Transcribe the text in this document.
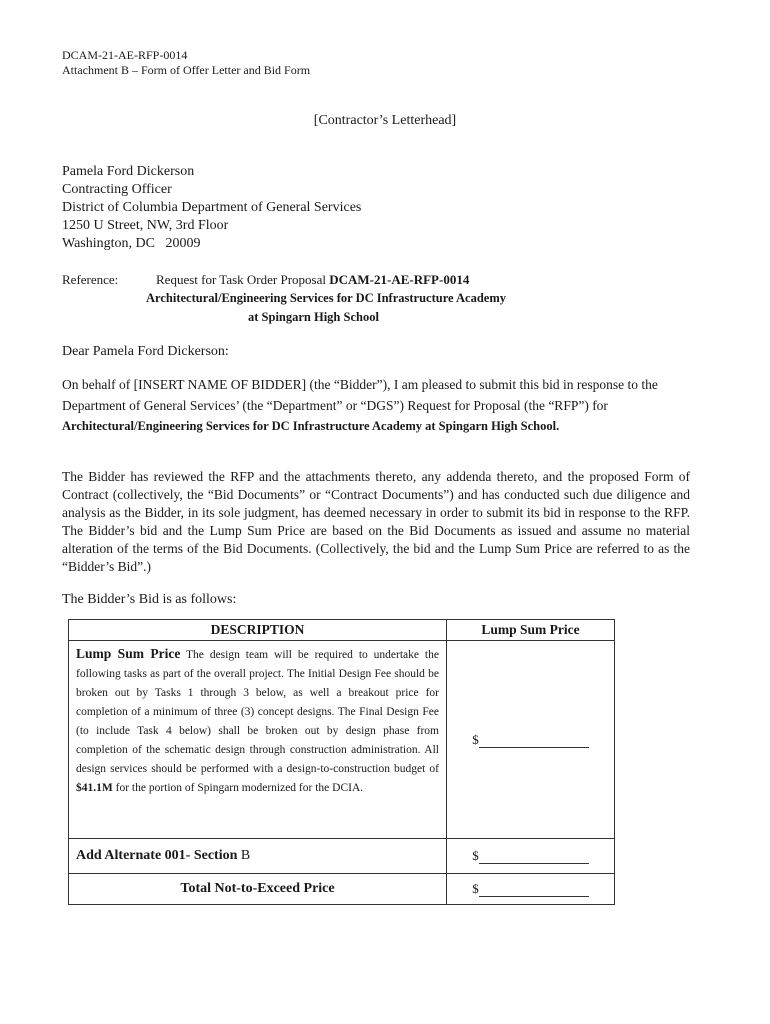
DCAM-21-AE-RFP-0014
Attachment B – Form of Offer Letter and Bid Form
[Contractor’s Letterhead]
Pamela Ford Dickerson
Contracting Officer
District of Columbia Department of General Services
1250 U Street, NW, 3rd Floor
Washington, DC   20009
Reference:	Request for Task Order Proposal DCAM-21-AE-RFP-0014
Architectural/Engineering Services for DC Infrastructure Academy
at Spingarn High School
Dear Pamela Ford Dickerson:
On behalf of [INSERT NAME OF BIDDER] (the “Bidder”), I am pleased to submit this bid in response to the Department of General Services’ (the “Department” or “DGS”) Request for Proposal (the “RFP”) for Architectural/Engineering Services for DC Infrastructure Academy at Spingarn High School.
The Bidder has reviewed the RFP and the attachments thereto, any addenda thereto, and the proposed Form of Contract (collectively, the “Bid Documents” or “Contract Documents”) and has conducted such due diligence and analysis as the Bidder, in its sole judgment, has deemed necessary in order to submit its bid in response to the RFP. The Bidder’s bid and the Lump Sum Price are based on the Bid Documents as issued and assume no material alteration of the terms of the Bid Documents. (Collectively, the bid and the Lump Sum Price are referred to as the “Bidder’s Bid”.)
The Bidder’s Bid is as follows:
DESCRIPTION	Lump Sum Price
Lump Sum Price The design team will be required to undertake the following tasks as part of the overall project. The Initial Design Fee should be broken out by Tasks 1 through 3 below, as well a breakout price for completion of a minimum of three (3) concept designs. The Final Design Fee (to include Task 4 below) shall be broken out by design phase from completion of the schematic design through construction administration. All design services should be performed with a design-to-construction budget of $41.1M for the portion of Spingarn modernized for the DCIA.	$
Add Alternate 001- Section B	$
Total Not-to-Exceed Price	$
